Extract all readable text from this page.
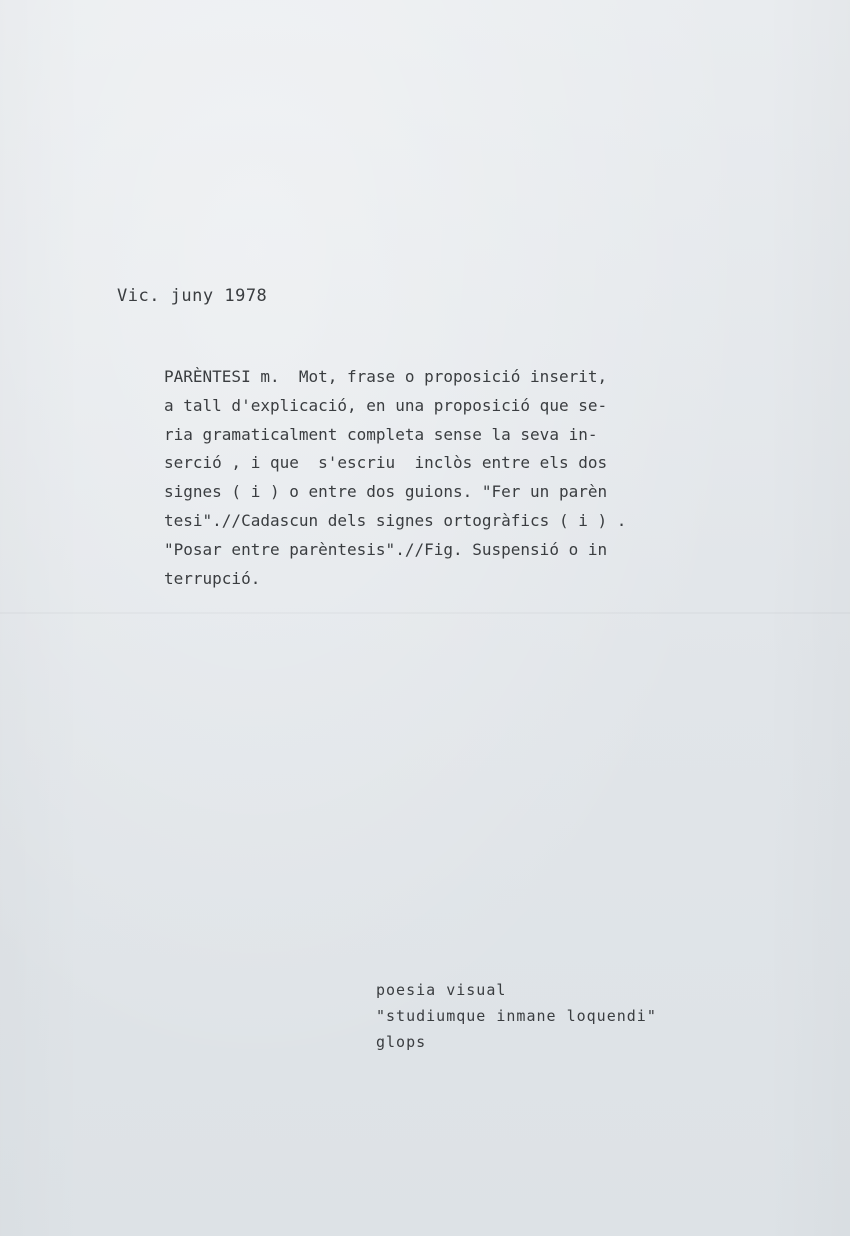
Vic. juny 1978
PARÈNTESI m.  Mot, frase o proposició inserit,
a tall d'explicació, en una proposició que se-
ria gramaticalment completa sense la seva in-
serció , i que  s'escriu  inclòs entre els dos
signes ( i ) o entre dos guions. "Fer un parèn
tesi".//Cadascun dels signes ortogràfics ( i ) .
"Posar entre parèntesis".//Fig. Suspensió o in
terrupció.
poesia visual
"studiumque inmane loquendi"
glops
